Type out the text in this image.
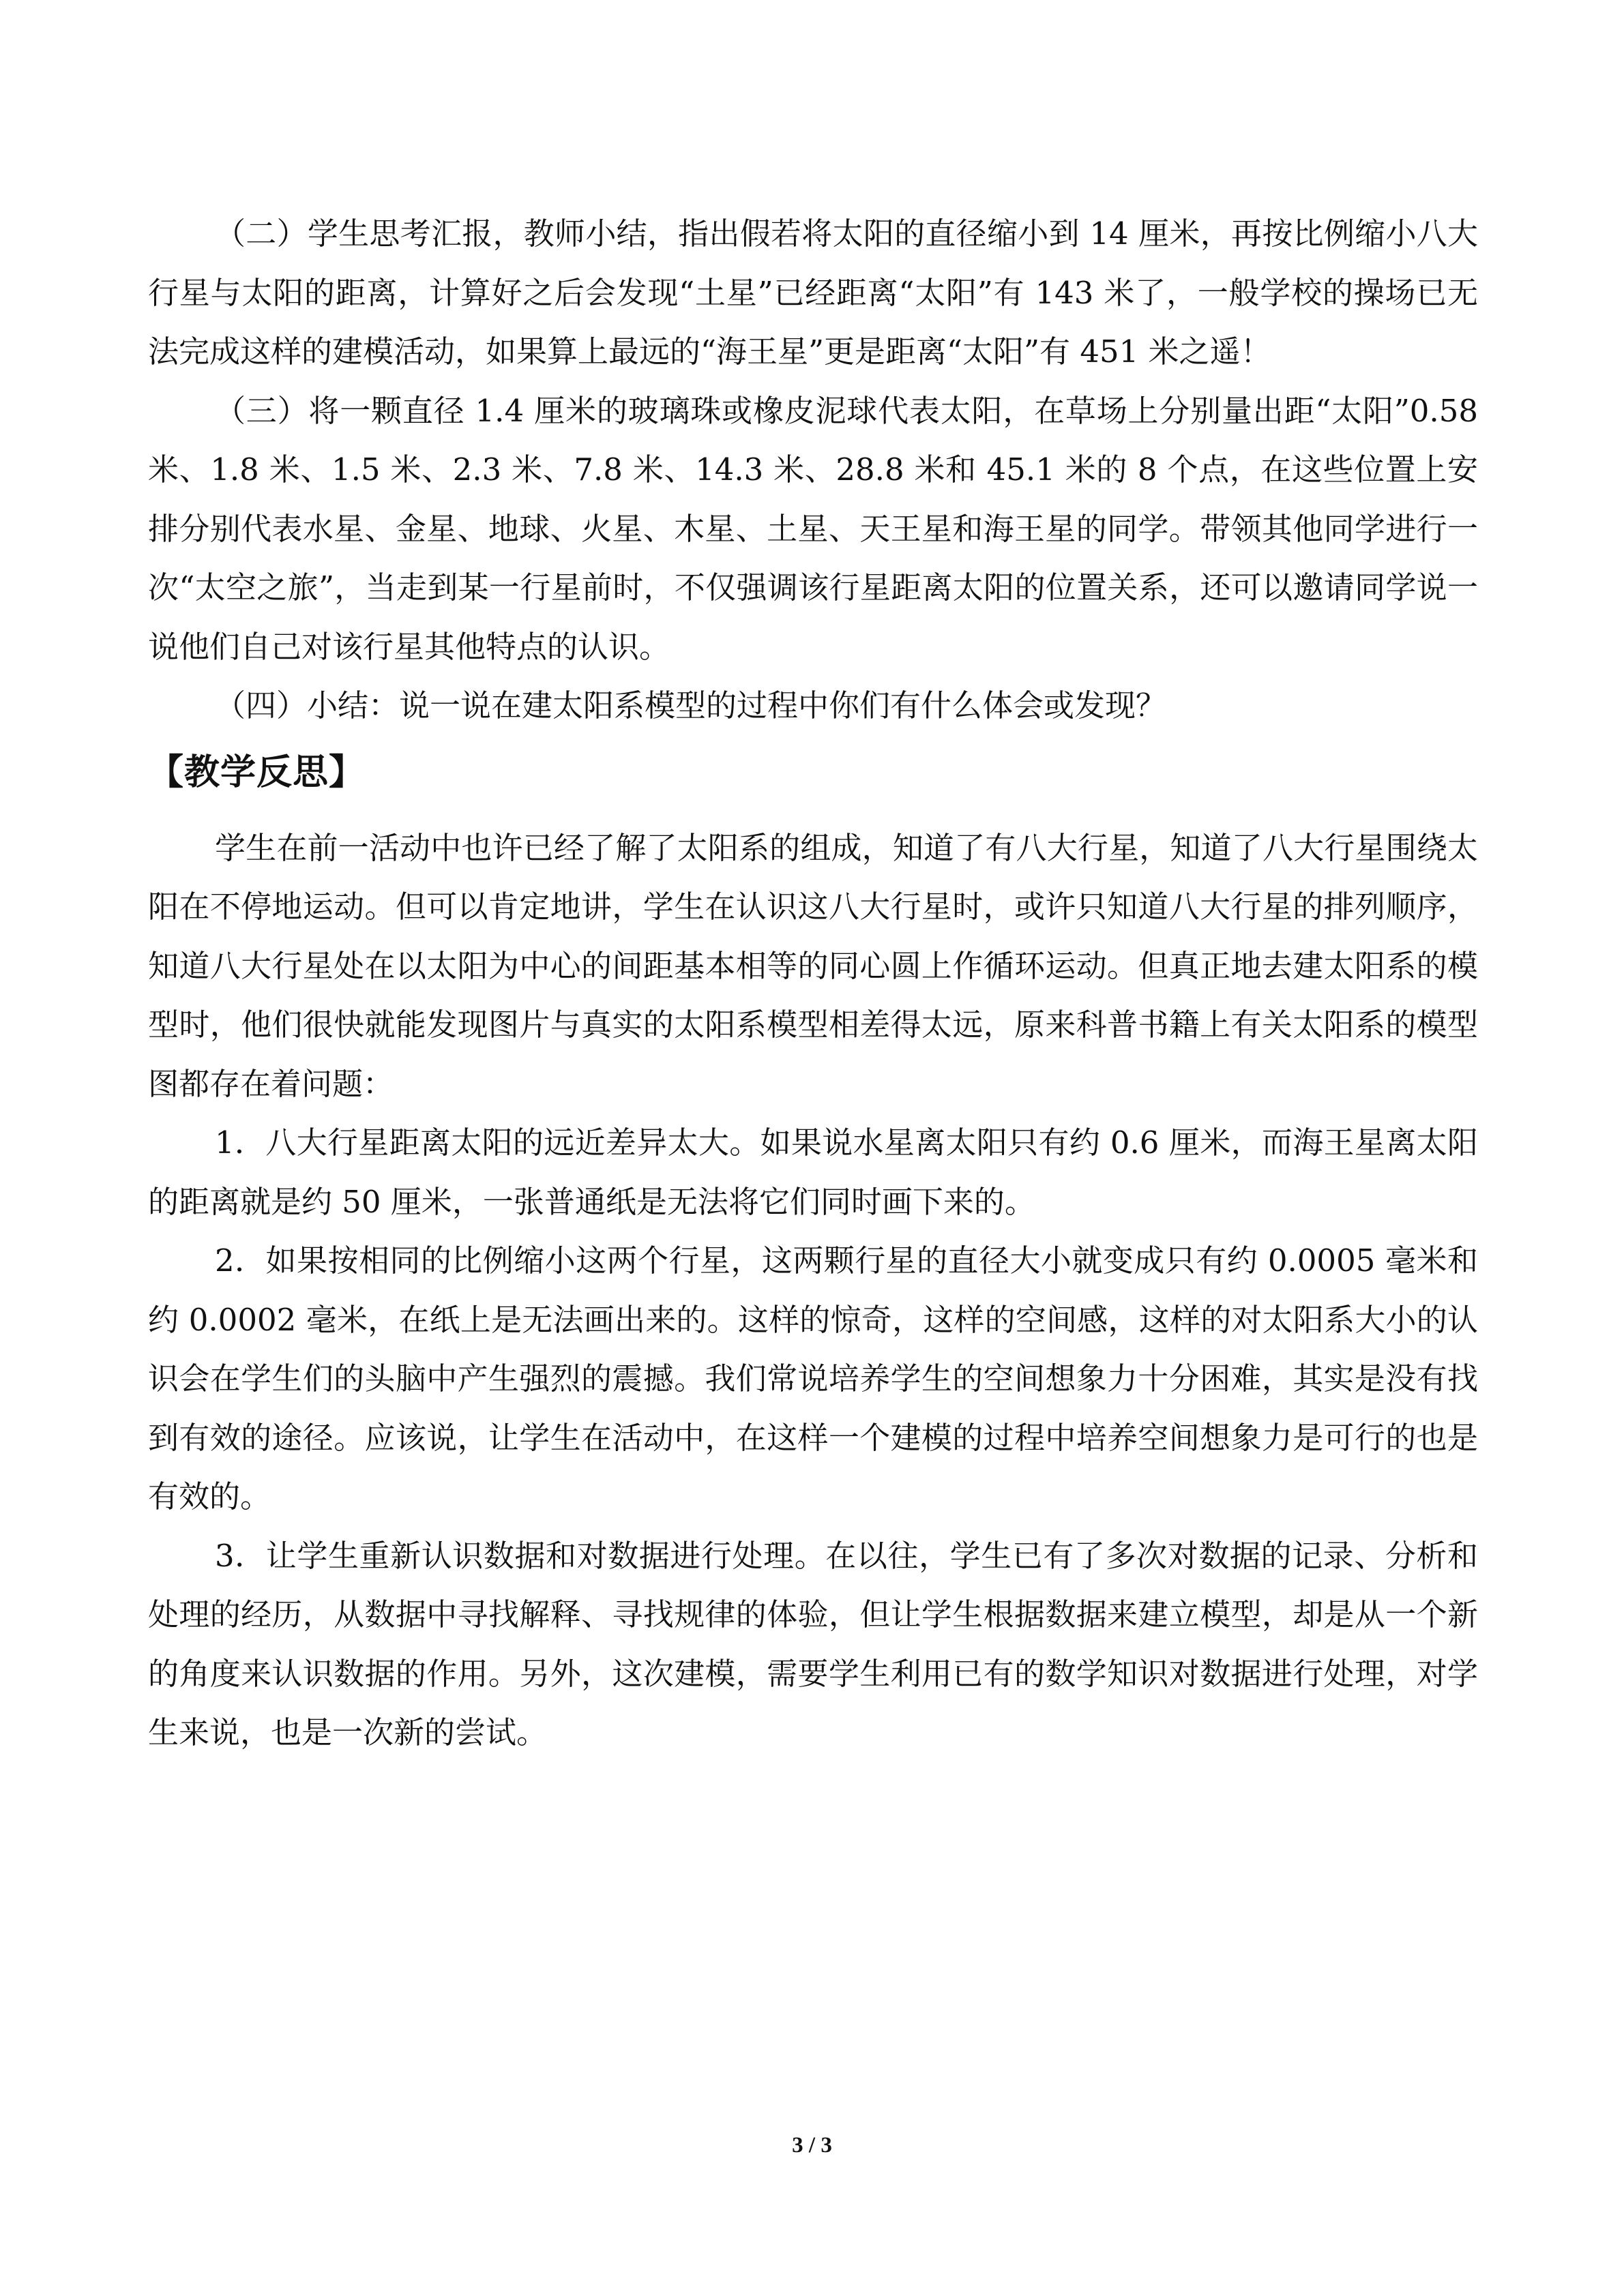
（二）学生思考汇报，教师小结，指出假若将太阳的直径缩小到 14 厘米，再按比例缩小八大行星与太阳的距离，计算好之后会发现“土星”已经距离“太阳”有 143 米了，一般学校的操场已无法完成这样的建模活动，如果算上最远的“海王星”更是距离“太阳”有 451 米之遥！

（三）将一颗直径 1.4 厘米的玻璃珠或橡皮泥球代表太阳，在草场上分别量出距“太阳”0.58 米、1.8 米、1.5 米、2.3 米、7.8 米、14.3 米、28.8 米和 45.1 米的 8 个点，在这些位置上安排分别代表水星、金星、地球、火星、木星、土星、天王星和海王星的同学。带领其他同学进行一次“太空之旅”，当走到某一行星前时，不仅强调该行星距离太阳的位置关系，还可以邀请同学说一说他们自己对该行星其他特点的认识。

（四）小结：说一说在建太阳系模型的过程中你们有什么体会或发现？

【教学反思】

学生在前一活动中也许已经了解了太阳系的组成，知道了有八大行星，知道了八大行星围绕太阳在不停地运动。但可以肯定地讲，学生在认识这八大行星时，或许只知道八大行星的排列顺序，知道八大行星处在以太阳为中心的间距基本相等的同心圆上作循环运动。但真正地去建太阳系的模型时，他们很快就能发现图片与真实的太阳系模型相差得太远，原来科普书籍上有关太阳系的模型图都存在着问题：

1．八大行星距离太阳的远近差异太大。如果说水星离太阳只有约 0.6 厘米，而海王星离太阳的距离就是约 50 厘米，一张普通纸是无法将它们同时画下来的。

2．如果按相同的比例缩小这两个行星，这两颗行星的直径大小就变成只有约 0.0005 毫米和约 0.0002 毫米，在纸上是无法画出来的。这样的惊奇，这样的空间感，这样的对太阳系大小的认识会在学生们的头脑中产生强烈的震撼。我们常说培养学生的空间想象力十分困难，其实是没有找到有效的途径。应该说，让学生在活动中，在这样一个建模的过程中培养空间想象力是可行的也是有效的。

3．让学生重新认识数据和对数据进行处理。在以往，学生已有了多次对数据的记录、分析和处理的经历，从数据中寻找解释、寻找规律的体验，但让学生根据数据来建立模型，却是从一个新的角度来认识数据的作用。另外，这次建模，需要学生利用已有的数学知识对数据进行处理，对学生来说，也是一次新的尝试。

3 / 3
